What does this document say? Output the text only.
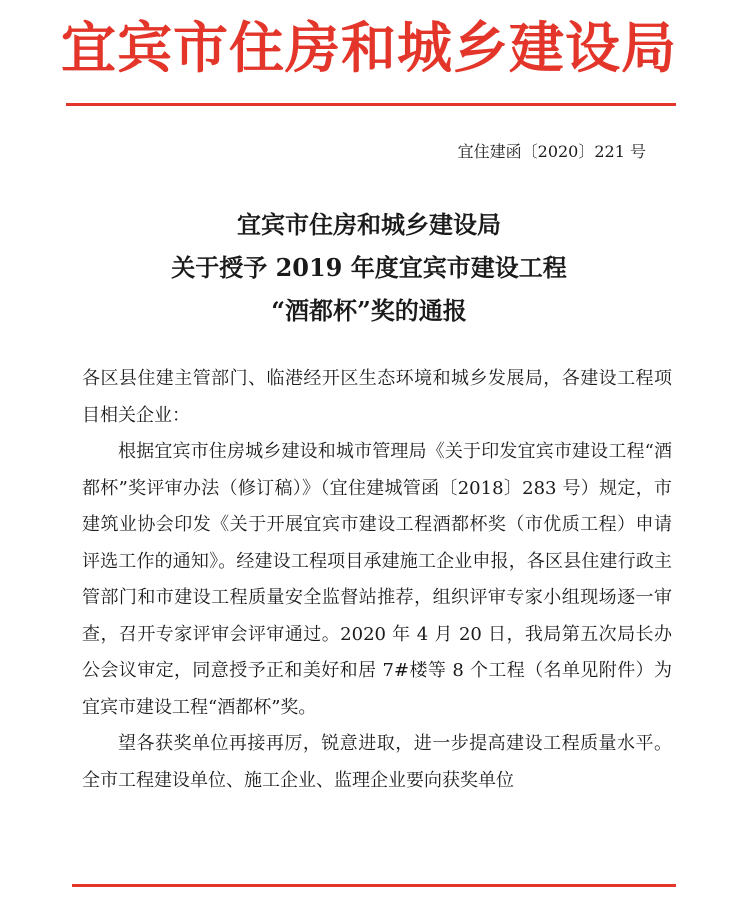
宜宾市住房和城乡建设局
宜住建函〔2020〕221 号
宜宾市住房和城乡建设局
关于授予 2019 年度宜宾市建设工程
“酒都杯”奖的通报

各区县住建主管部门、临港经开区生态环境和城乡发展局，各建设工程项目相关企业：

根据宜宾市住房城乡建设和城市管理局《关于印发宜宾市建设工程“酒都杯”奖评审办法（修订稿）》（宜住建城管函〔2018〕283 号）规定，市建筑业协会印发《关于开展宜宾市建设工程酒都杯奖（市优质工程）申请评选工作的通知》。经建设工程项目承建施工企业申报，各区县住建行政主管部门和市建设工程质量安全监督站推荐，组织评审专家小组现场逐一审查，召开专家评审会评审通过。2020 年 4 月 20 日，我局第五次局长办公会议审定，同意授予正和美好和居 7#楼等 8 个工程（名单见附件）为宜宾市建设工程“酒都杯”奖。

望各获奖单位再接再厉，锐意进取，进一步提高建设工程质量水平。全市工程建设单位、施工企业、监理企业要向获奖单位
